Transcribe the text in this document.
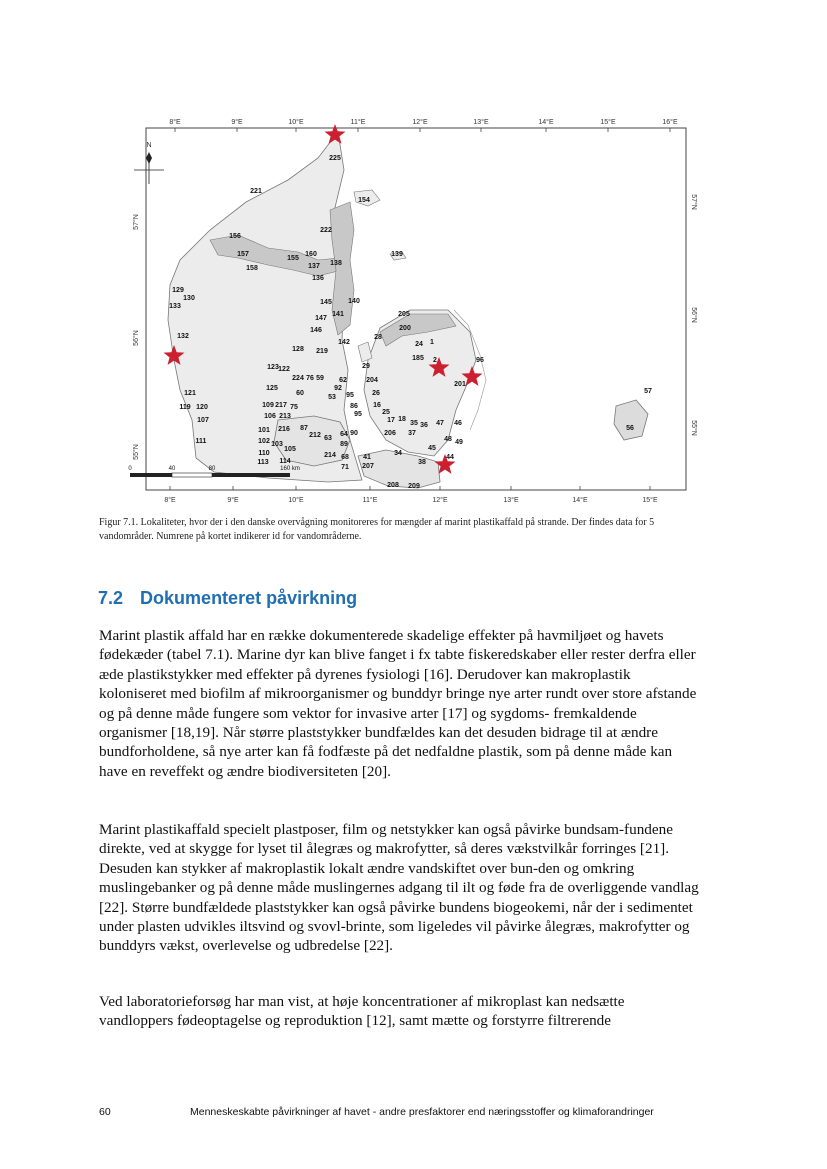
8°E	9°E	10°E	11°E	12°E	13°E	14°E	15°E	16°E
8°E	9°E	10°E	11°E	12°E	13°E	14°E	15°E
57°N
57°N
56°N
56°N
55°N
55°N
N
0	40	80	160 km
225
221
154
222
156
157
158
155
160
137 138
136
139
129
130
133
145 140
147
141	205
200
146
132	28
24 1
142
128 219
185 2	96
123 122	29
224 76 59 62	204
201
125	92
60
53 95	26
121	57
119 120	109 217 75	86 16
106 213	95	25
17 18
35 36 47 46
107
101 216 87
212 63
64 90
89
206 37
56
48 49
111	102 103
105	45
110	214 68 41
34
44
113 114
71 207
38
208 209
Figur 7.1. Lokaliteter, hvor der i den danske overvågning monitoreres for mængder af marint plastikaffald på strande. Der findes data for 5 vandområder. Numrene på kortet indikerer id for vandområderne.
7.2 Dokumenteret påvirkning

Marint plastik affald har en række dokumenterede skadelige effekter på havmiljøet og havets fødekæder (tabel 7.1). Marine dyr kan blive fanget i fx tabte fiskeredskaber eller rester derfra eller æde plastikstykker med effekter på dyrenes fysiologi [16]. Derudover kan makroplastik koloniseret med biofilm af mikroorganismer og bunddyr bringe nye arter rundt over store afstande og på denne måde fungere som vektor for invasive arter [17] og sygdoms- fremkaldende organismer [18,19]. Når større plaststykker bundfældes kan det desuden bidrage til at ændre bundforholdene, så nye arter kan få fodfæste på det nedfaldne plastik, som på denne måde kan have en reveffekt og ændre biodiversiteten [20].

Marint plastikaffald specielt plastposer, film og netstykker kan også påvirke bundsam-fundene direkte, ved at skygge for lyset til ålegræs og makrofytter, så deres vækstvilkår forringes [21]. Desuden kan stykker af makroplastik lokalt ændre vandskiftet over bun-den og omkring muslingebanker og på denne måde muslingernes adgang til ilt og føde fra de overliggende vandlag [22]. Større bundfældede plaststykker kan også påvirke bundens biogeokemi, når der i sedimentet under plasten udvikles iltsvind og svovl-brinte, som ligeledes vil påvirke ålegræs, makrofytter og bunddyrs vækst, overlevelse og udbredelse [22].

Ved laboratorieforsøg har man vist, at høje koncentrationer af mikroplast kan nedsætte vandloppers fødeoptagelse og reproduktion [12], samt mætte og forstyrre filtrerende

60	Menneskeskabte påvirkninger af havet - andre presfaktorer end næringsstoffer og klimaforandringer
